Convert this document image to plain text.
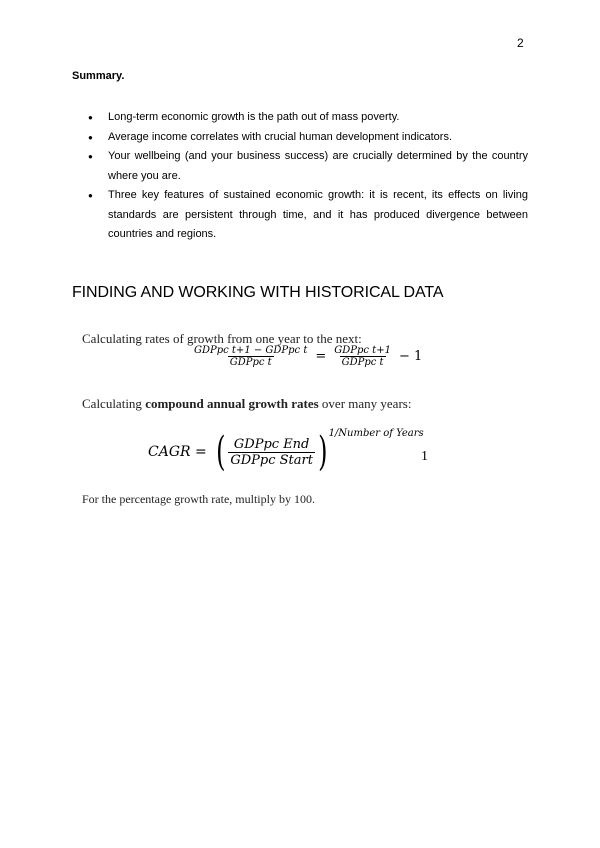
2
Summary.
● Long-term economic growth is the path out of mass poverty.
● Average income correlates with crucial human development indicators.
● Your wellbeing (and your business success) are crucially determined by the country where you are.
● Three key features of sustained economic growth: it is recent, its effects on living standards are persistent through time, and it has produced divergence between countries and regions.
FINDING AND WORKING WITH HISTORICAL DATA
Calculating rates of growth from one year to the next:
$\frac{\text{GDPpc t+1 − GDPpc t}}{\text{GDPpc t}} = \frac{\text{GDPpc t+1}}{\text{GDPpc t}} - 1$
Calculating compound annual growth rates over many years:
CAGR = ( $\frac{\text{GDPpc End}}{\text{GDPpc Start}}$ ) 1/Number of Years
1
For the percentage growth rate, multiply by 100.
